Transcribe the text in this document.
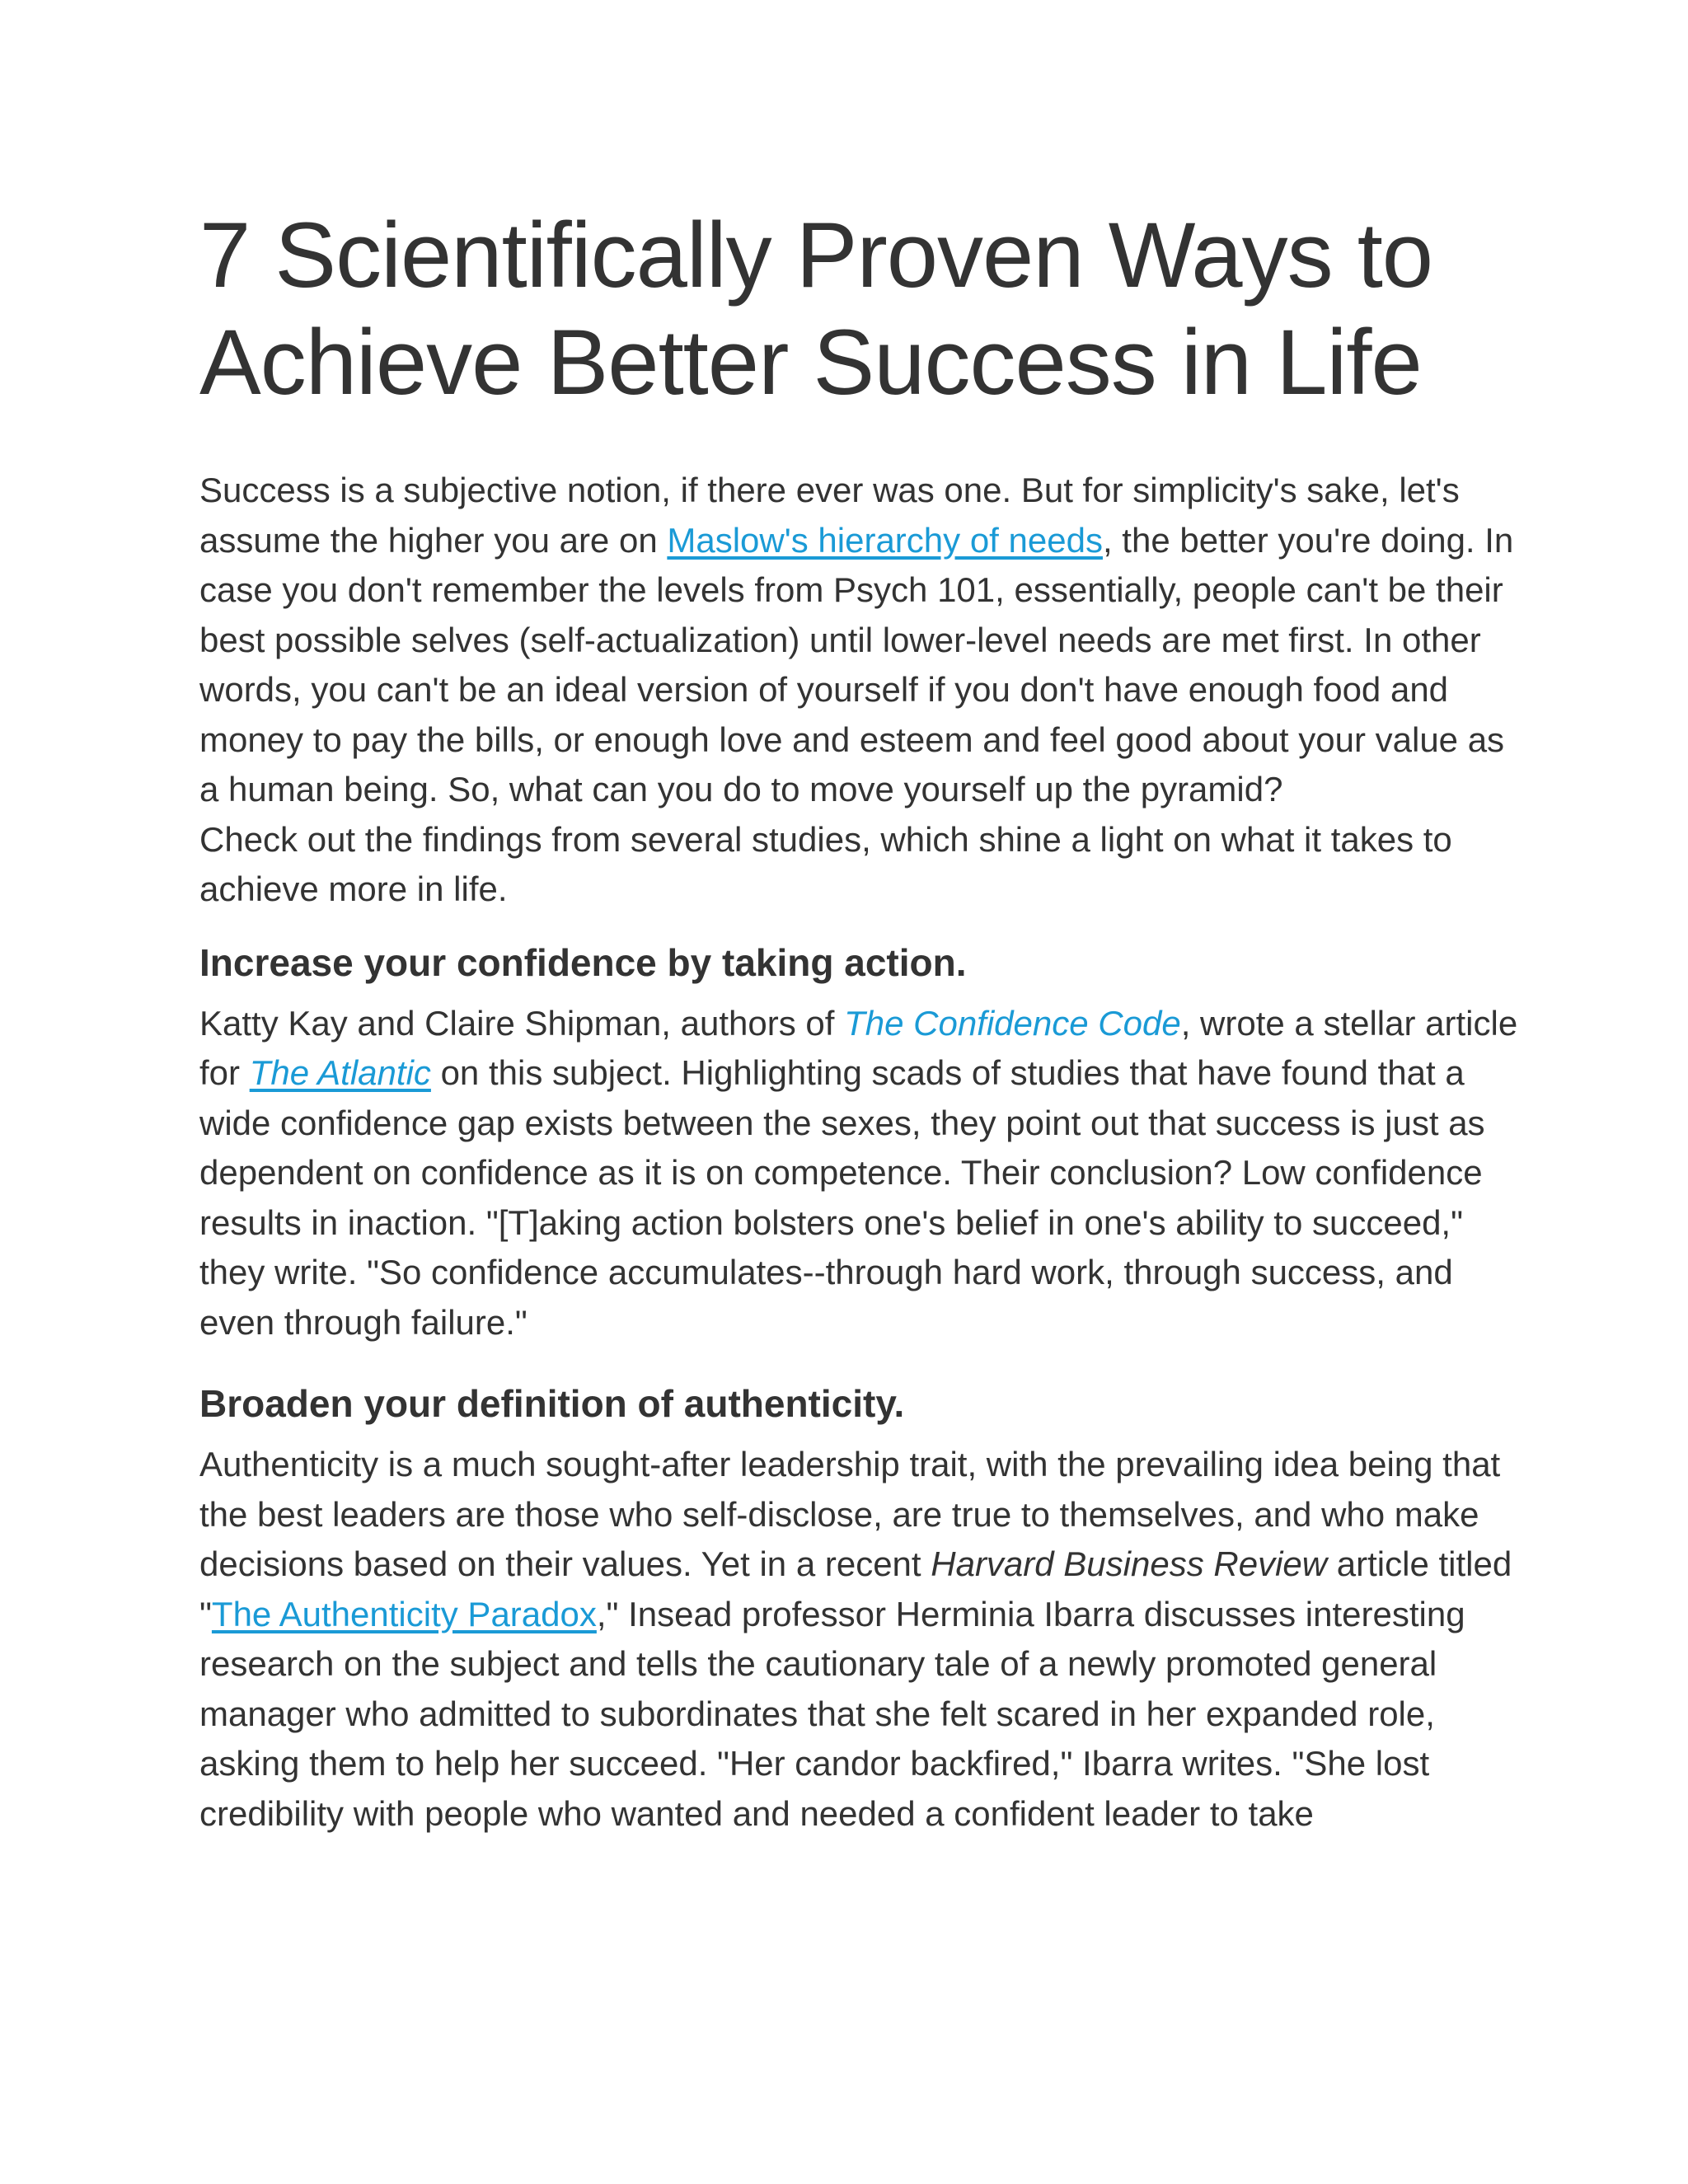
7 Scientifically Proven Ways to
Achieve Better Success in Life

Success is a subjective notion, if there ever was one. But for simplicity's sake, let's assume the higher you are on Maslow's hierarchy of needs, the better you're doing. In case you don't remember the levels from Psych 101, essentially, people can't be their best possible selves (self-actualization) until lower-level needs are met first. In other words, you can't be an ideal version of yourself if you don't have enough food and money to pay the bills, or enough love and esteem and feel good about your value as a human being. So, what can you do to move yourself up the pyramid?

Check out the findings from several studies, which shine a light on what it takes to achieve more in life.

Increase your confidence by taking action.

Katty Kay and Claire Shipman, authors of The Confidence Code, wrote a stellar article for The Atlantic on this subject. Highlighting scads of studies that have found that a wide confidence gap exists between the sexes, they point out that success is just as dependent on confidence as it is on competence. Their conclusion? Low confidence results in inaction. "[T]aking action bolsters one's belief in one's ability to succeed," they write. "So confidence accumulates--through hard work, through success, and even through failure."

Broaden your definition of authenticity.

Authenticity is a much sought-after leadership trait, with the prevailing idea being that the best leaders are those who self-disclose, are true to themselves, and who make decisions based on their values. Yet in a recent Harvard Business Review article titled "The Authenticity Paradox," Insead professor Herminia Ibarra discusses interesting research on the subject and tells the cautionary tale of a newly promoted general manager who admitted to subordinates that she felt scared in her expanded role, asking them to help her succeed. "Her candor backfired," Ibarra writes. "She lost credibility with people who wanted and needed a confident leader to take
